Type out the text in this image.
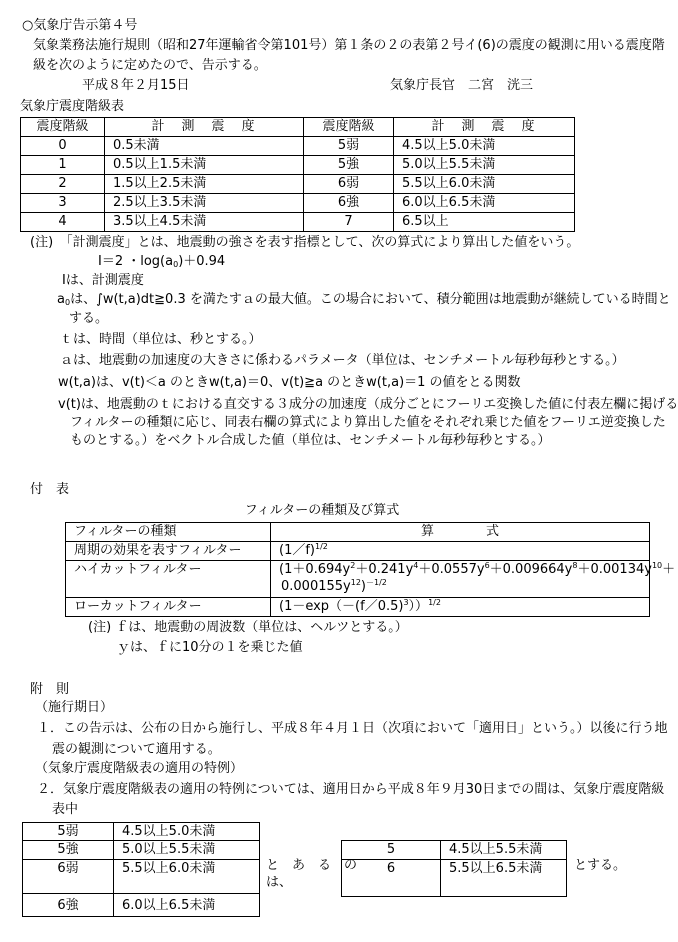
○気象庁告示第４号
気象業務法施行規則（昭和27年運輸省令第101号）第１条の２の表第２号イ(6)の震度の観測に用いる震度階
級を次のように定めたので、告示する。
平成８年２月15日	気象庁長官　二宮　洸三
気象庁震度階級表
震度階級	計　測　震　度	震度階級	計　測　震　度
0	0.5未満	5弱	4.5以上5.0未満
1	0.5以上1.5未満	5強	5.0以上5.5未満
2	1.5以上2.5未満	6弱	5.5以上6.0未満
3	2.5以上3.5未満	6強	6.0以上6.5未満
4	3.5以上4.5未満	7	6.5以上
(注)　「計測震度」とは、地震動の強さを表す指標として、次の算式により算出した値をいう。
I＝2 ・$\log(a_0)+0.94$
Iは、計測震度
$a_0$は、∫w(t,a)dt≧0.3 を満たすａの最大値。この場合において、積分範囲は地震動が継続している時間と
する。
ｔは、時間（単位は、秒とする。）
ａは、地震動の加速度の大きさに係わるパラメータ（単位は、センチメートル毎秒毎秒とする。）
w(t,a)は、v(t)＜a のときw(t,a)＝0、v(t)≧a のときw(t,a)＝1 の値をとる関数
v(t)は、地震動のｔにおける直交する３成分の加速度（成分ごとにフーリエ変換した値に付表左欄に掲げる
フィルターの種類に応じ、同表右欄の算式により算出した値をそれぞれ乗じた値をフーリエ逆変換した
ものとする。）をベクトル合成した値（単位は、センチメートル毎秒毎秒とする。）
付　表
フィルターの種類及び算式
フィルターの種類	算　　　　式
周期の効果を表すフィルター	(1／f)$^{1/2}$
ハイカットフィルター	($1+0.694y^2+0.241y^4+0.0557y^6+0.009664y^8+0.00134y^{10}+$
$0.000155y^{12})^{-1/2}$

ローカットフィルター	(1－exp（－(f／0.5)$^3$））$^{1/2}$
(注) ｆは、地震動の周波数（単位は、ヘルツとする。）
ｙは、ｆに10分の１を乗じた値
附　則
（施行期日）
１．この告示は、公布の日から施行し、平成８年４月１日（次項において「適用日」という。）以後に行う地
震の観測について適用する。
（気象庁震度階級表の適用の特例）
２．気象庁震度階級表の適用の特例については、適用日から平成８年９月30日までの間は、気象庁震度階級
表中
5弱	4.5以上5.0未満
5強	5.0以上5.5未満
6弱	5.5以上6.0未満
6強	6.0以上6.5未満
と　あ　る　の
は、
5	4.5以上5.5未満
6	5.5以上6.5未満 とする。
